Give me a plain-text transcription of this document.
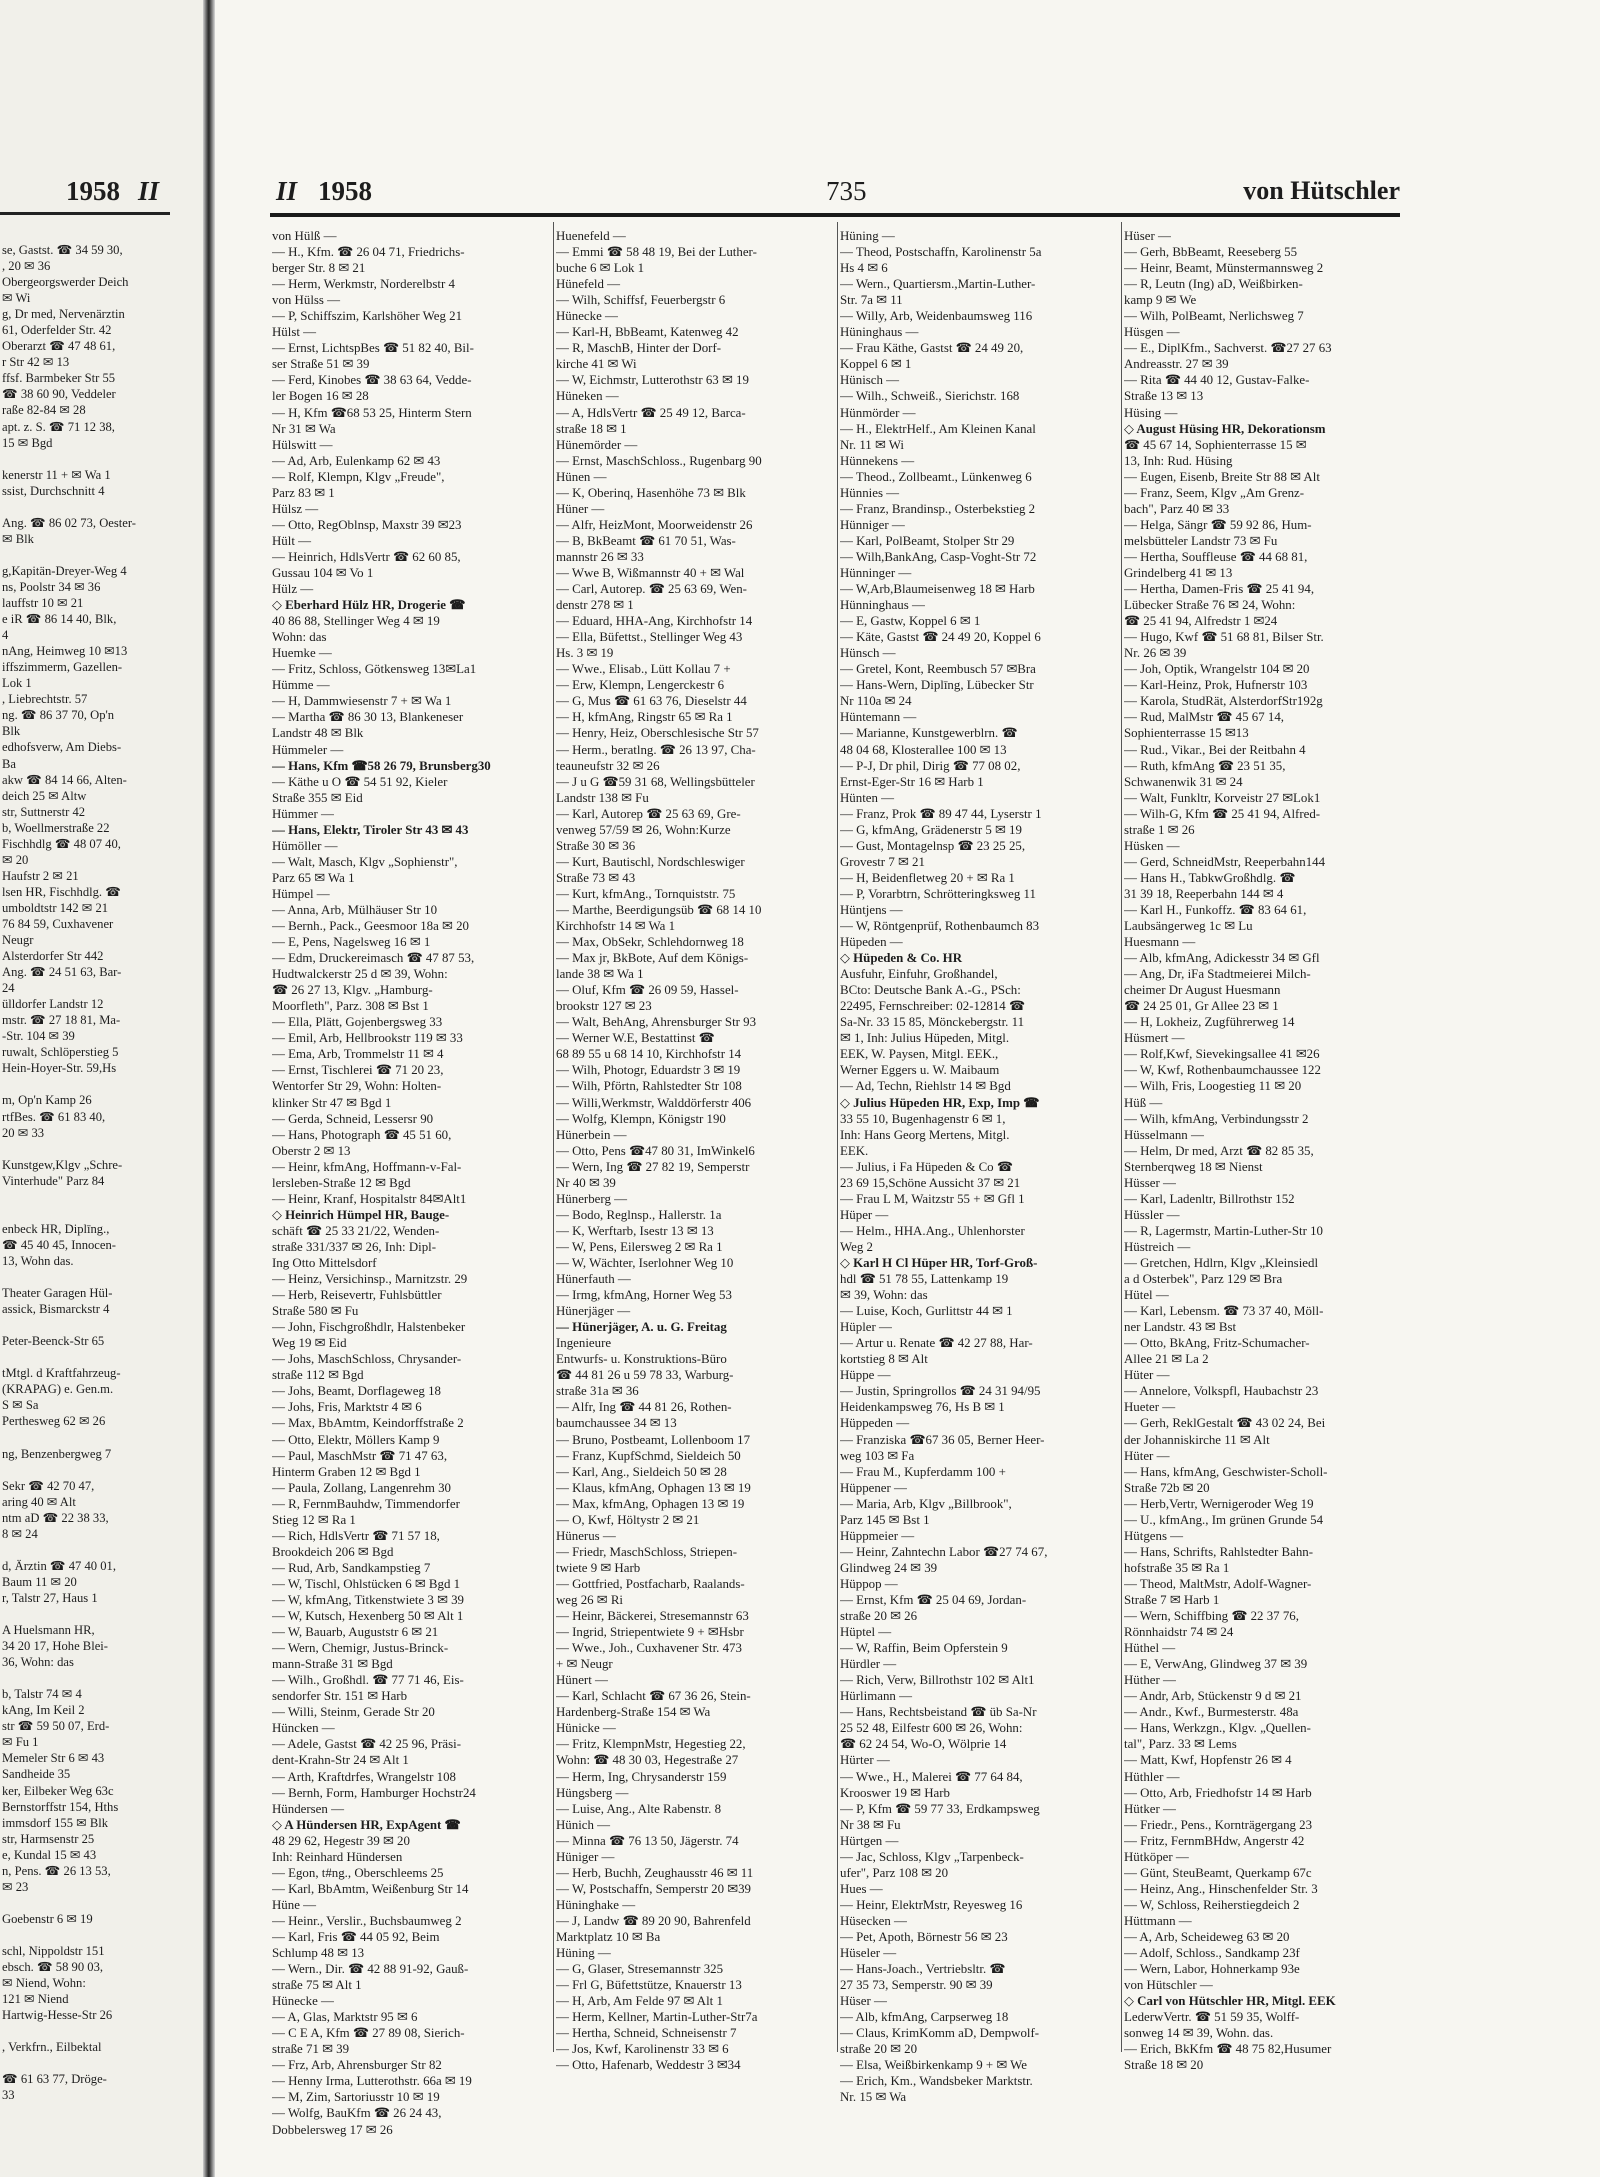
1958 II
se, Gastst. ☎ 34 59 30,
, 20 ✉ 36
Obergeorgswerder Deich
✉ Wi
g, Dr med, Nervenärztin
61, Oderfelder Str. 42
Oberarzt ☎ 47 48 61,
r Str 42 ✉ 13
ffsf. Barmbeker Str 55
☎ 38 60 90, Veddeler
raße 82-84 ✉ 28
apt. z. S. ☎ 71 12 38,
15 ✉ Bgd
kenerstr 11 + ✉ Wa 1
ssist, Durchschnitt 4
Ang. ☎ 86 02 73, Oester-
✉ Blk
g,Kapitän-Dreyer-Weg 4
ns, Poolstr 34 ✉ 36
lauffstr 10 ✉ 21
e iR ☎ 86 14 40, Blk,
4
nAng, Heimweg 10 ✉13
iffszimmerm, Gazellen-
Lok 1
, Liebrechtstr. 57
ng. ☎ 86 37 70, Op'n
Blk
edhofsverw, Am Diebs-
Ba
akw ☎ 84 14 66, Alten-
deich 25 ✉ Altw
str, Suttnerstr 42
b, Woellmerstraße 22
Fischhdlg ☎ 48 07 40,
✉ 20
Haufstr 2 ✉ 21
lsen HR, Fischhdlg. ☎
umboldtstr 142 ✉ 21
76 84 59, Cuxhavener
Neugr
Alsterdorfer Str 442
Ang. ☎ 24 51 63, Bar-
24
ülldorfer Landstr 12
mstr. ☎ 27 18 81, Ma-
-Str. 104 ✉ 39
ruwalt, Schlöperstieg 5
Hein-Hoyer-Str. 59,Hs
m, Op'n Kamp 26
rtfBes. ☎ 61 83 40,
20 ✉ 33
Kunstgew,Klgv „Schre-
Vinterhude" Parz 84
enbeck HR, Diplīng.,
☎ 45 40 45, Innocen-
13, Wohn das.
Theater Garagen Hül-
assick, Bismarckstr 4
Peter-Beenck-Str 65
tMtgl. d Kraftfahrzeug-
(KRAPAG) e. Gen.m.
S ✉ Sa
Perthesweg 62 ✉ 26
ng, Benzenbergweg 7
Sekr ☎ 42 70 47,
aring 40 ✉ Alt
ntm aD ☎ 22 38 33,
8 ✉ 24
d, Ärztin ☎ 47 40 01,
Baum 11 ✉ 20
r, Talstr 27, Haus 1
A Huelsmann HR,
34 20 17, Hohe Blei-
36, Wohn: das
b, Talstr 74 ✉ 4
kAng, Im Keil 2
str ☎ 59 50 07, Erd-
✉ Fu 1
Memeler Str 6 ✉ 43
Sandheide 35
ker, Eilbeker Weg 63c
Bernstorffstr 154, Hths
immsdorf 155 ✉ Blk
str, Harmsenstr 25
e, Kundal 15 ✉ 43
n, Pens. ☎ 26 13 53,
✉ 23
Goebenstr 6 ✉ 19
schl, Nippoldstr 151
ebsch. ☎ 58 90 03,
✉ Niend, Wohn:
121 ✉ Niend
Hartwig-Hesse-Str 26
, Verkfrn., Eilbektal
☎ 61 63 77, Dröge-
33
II 1958	735	von Hütschler
von Hülß —
— H., Kfm. ☎ 26 04 71, Friedrichs-
berger Str. 8 ✉ 21
— Herm, Werkmstr, Norderelbstr 4
von Hülss —
— P, Schiffszim, Karlshöher Weg 21
Hülst —
— Ernst, LichtspBes ☎ 51 82 40, Bil-
ser Straße 51 ✉ 39
— Ferd, Kinobes ☎ 38 63 64, Vedde-
ler Bogen 16 ✉ 28
— H, Kfm ☎68 53 25, Hinterm Stern
Nr 31 ✉ Wa
Hülswitt —
— Ad, Arb, Eulenkamp 62 ✉ 43
— Rolf, Klempn, Klgv „Freude",
Parz 83 ✉ 1
Hülsz —
— Otto, RegOblnsp, Maxstr 39 ✉23
Hült —
— Heinrich, HdlsVertr ☎ 62 60 85,
Gussau 104 ✉ Vo 1
Hülz —
◇ Eberhard Hülz HR, Drogerie ☎
40 86 88, Stellinger Weg 4 ✉ 19
Wohn: das
Huemke —
— Fritz, Schloss, Götkensweg 13✉La1
Hümme —
— H, Dammwiesenstr 7 + ✉ Wa 1
— Martha ☎ 86 30 13, Blankeneser
Landstr 48 ✉ Blk
Hümmeler —
— Hans, Kfm ☎58 26 79, Brunsberg30
— Käthe u O ☎ 54 51 92, Kieler
Straße 355 ✉ Eid
Hümmer —
— Hans, Elektr, Tiroler Str 43 ✉ 43
Hümöller —
— Walt, Masch, Klgv „Sophienstr",
Parz 65 ✉ Wa 1
Hümpel —
— Anna, Arb, Mülhäuser Str 10
— Bernh., Pack., Geesmoor 18a ✉ 20
— E, Pens, Nagelsweg 16 ✉ 1
— Edm, Druckereimasch ☎ 47 87 53,
Hudtwalckerstr 25 d ✉ 39, Wohn:
☎ 26 27 13, Klgv. „Hamburg-
Moorfleth", Parz. 308 ✉ Bst 1
— Ella, Plätt, Gojenbergsweg 33
— Emil, Arb, Hellbrookstr 119 ✉ 33
— Ema, Arb, Trommelstr 11 ✉ 4
— Ernst, Tischlerei ☎ 71 20 23,
Wentorfer Str 29, Wohn: Holten-
klinker Str 47 ✉ Bgd 1
— Gerda, Schneid, Lessersr 90
— Hans, Photograph ☎ 45 51 60,
Oberstr 2 ✉ 13
— Heinr, kfmAng, Hoffmann-v-Fal-
lersleben-Straße 12 ✉ Bgd
— Heinr, Kranf, Hospitalstr 84✉Alt1
◇ Heinrich Hümpel HR, Bauge-
schäft ☎ 25 33 21/22, Wenden-
straße 331/337 ✉ 26, Inh: Dipl-
Ing Otto Mittelsdorf
— Heinz, Versichinsp., Marnitzstr. 29
— Herb, Reisevertr, Fuhlsbüttler
Straße 580 ✉ Fu
— John, Fischgroßhdlr, Halstenbeker
Weg 19 ✉ Eid
— Johs, MaschSchloss, Chrysander-
straße 112 ✉ Bgd
— Johs, Beamt, Dorflageweg 18
— Johs, Fris, Marktstr 4 ✉ 6
— Max, BbAmtm, Keindorffstraße 2
— Otto, Elektr, Möllers Kamp 9
— Paul, MaschMstr ☎ 71 47 63,
Hinterm Graben 12 ✉ Bgd 1
— Paula, Zollang, Langenrehm 30
— R, FernmBauhdw, Timmendorfer
Stieg 12 ✉ Ra 1
— Rich, HdlsVertr ☎ 71 57 18,
Brookdeich 206 ✉ Bgd
— Rud, Arb, Sandkampstieg 7
— W, Tischl, Ohlstücken 6 ✉ Bgd 1
— W, kfmAng, Titkenstwiete 3 ✉ 39
— W, Kutsch, Hexenberg 50 ✉ Alt 1
— W, Bauarb, Auguststr 6 ✉ 21
— Wern, Chemigr, Justus-Brinck-
mann-Straße 31 ✉ Bgd
— Wilh., Großhdl. ☎ 77 71 46, Eis-
sendorfer Str. 151 ✉ Harb
— Willi, Steinm, Gerade Str 20
Hüncken —
— Adele, Gastst ☎ 42 25 96, Präsi-
dent-Krahn-Str 24 ✉ Alt 1
— Arth, Kraftdrfes, Wrangelstr 108
— Bernh, Form, Hamburger Hochstr24
Hündersen —
◇ A Hündersen HR, ExpAgent ☎
48 29 62, Hegestr 39 ✉ 20
Inh: Reinhard Hündersen
— Egon, t#ng., Oberschleems 25
— Karl, BbAmtm, Weißenburg Str 14
Hüne —
— Heinr., Verslir., Buchsbaumweg 2
— Karl, Fris ☎ 44 05 92, Beim
Schlump 48 ✉ 13
— Wern., Dir. ☎ 42 88 91-92, Gauß-
straße 75 ✉ Alt 1
Hünecke —
— A, Glas, Marktstr 95 ✉ 6
— C E A, Kfm ☎ 27 89 08, Sierich-
straße 71 ✉ 39
— Frz, Arb, Ahrensburger Str 82
— Henny Irma, Lutterothstr. 66a ✉ 19
— M, Zim, Sartoriusstr 10 ✉ 19
— Wolfg, BauKfm ☎ 26 24 43,
Dobbelersweg 17 ✉ 26
Huenefeld —
— Emmi ☎ 58 48 19, Bei der Luther-
buche 6 ✉ Lok 1
Hünefeld —
— Wilh, Schiffsf, Feuerbergstr 6
Hünecke —
— Karl-H, BbBeamt, Katenweg 42
— R, MaschB, Hinter der Dorf-
kirche 41 ✉ Wi
— W, Eichmstr, Lutterothstr 63 ✉ 19
Hüneken —
— A, HdlsVertr ☎ 25 49 12, Barca-
straße 18 ✉ 1
Hünemörder —
— Ernst, MaschSchloss., Rugenbarg 90
Hünen —
— K, Oberinq, Hasenhöhe 73 ✉ Blk
Hüner —
— Alfr, HeizMont, Moorweidenstr 26
— B, BkBeamt ☎ 61 70 51, Was-
mannstr 26 ✉ 33
— Wwe B, Wißmannstr 40 + ✉ Wal
— Carl, Autorep. ☎ 25 63 69, Wen-
denstr 278 ✉ 1
— Eduard, HHA-Ang, Kirchhofstr 14
— Ella, Büfettst., Stellinger Weg 43
Hs. 3 ✉ 19
— Wwe., Elisab., Lütt Kollau 7 +
— Erw, Klempn, Lengerckestr 6
— G, Mus ☎ 61 63 76, Dieselstr 44
— H, kfmAng, Ringstr 65 ✉ Ra 1
— Henry, Heiz, Oberschlesische Str 57
— Herm., beratlng. ☎ 26 13 97, Cha-
teauneufstr 32 ✉ 26
— J u G ☎59 31 68, Wellingsbütteler
Landstr 138 ✉ Fu
— Karl, Autorep ☎ 25 63 69, Gre-
venweg 57/59 ✉ 26, Wohn:Kurze
Straße 30 ✉ 36
— Kurt, Bautischl, Nordschleswiger
Straße 73 ✉ 43
— Kurt, kfmAng., Tornquiststr. 75
— Marthe, Beerdigungsüb ☎ 68 14 10
Kirchhofstr 14 ✉ Wa 1
— Max, ObSekr, Schlehdornweg 18
— Max jr, BkBote, Auf dem Königs-
lande 38 ✉ Wa 1
— Oluf, Kfm ☎ 26 09 59, Hassel-
brookstr 127 ✉ 23
— Walt, BehAng, Ahrensburger Str 93
— Werner W.E, Bestattinst ☎
68 89 55 u 68 14 10, Kirchhofstr 14
— Wilh, Photogr, Eduardstr 3 ✉ 19
— Wilh, Pförtn, Rahlstedter Str 108
— Willi,Werkmstr, Walddörferstr 406
— Wolfg, Klempn, Königstr 190
Hünerbein —
— Otto, Pens ☎47 80 31, ImWinkel6
— Wern, Ing ☎ 27 82 19, Semperstr
Nr 40 ✉ 39
Hünerberg —
— Bodo, Reglnsp., Hallerstr. 1a
— K, Werftarb, Isestr 13 ✉ 13
— W, Pens, Eilersweg 2 ✉ Ra 1
— W, Wächter, Iserlohner Weg 10
Hünerfauth —
— Irmg, kfmAng, Horner Weg 53
Hünerjäger —
— Hünerjäger, A. u. G. Freitag
Ingenieure
Entwurfs- u. Konstruktions-Büro
☎ 44 81 26 u 59 78 33, Warburg-
straße 31a ✉ 36
— Alfr, Ing ☎ 44 81 26, Rothen-
baumchaussee 34 ✉ 13
— Bruno, Postbeamt, Lollenboom 17
— Franz, KupfSchmd, Sieldeich 50
— Karl, Ang., Sieldeich 50 ✉ 28
— Klaus, kfmAng, Ophagen 13 ✉ 19
— Max, kfmAng, Ophagen 13 ✉ 19
— O, Kwf, Höltystr 2 ✉ 21
Hünerus —
— Friedr, MaschSchloss, Striepen-
twiete 9 ✉ Harb
— Gottfried, Postfacharb, Raalands-
weg 26 ✉ Ri
— Heinr, Bäckerei, Stresemannstr 63
— Ingrid, Striepentwiete 9 + ✉Hsbr
— Wwe., Joh., Cuxhavener Str. 473
+ ✉ Neugr
Hünert —
— Karl, Schlacht ☎ 67 36 26, Stein-
Hardenberg-Straße 154 ✉ Wa
Hünicke —
— Fritz, KlempnMstr, Hegestieg 22,
Wohn: ☎ 48 30 03, Hegestraße 27
— Herm, Ing, Chrysanderstr 159
Hüngsberg —
— Luise, Ang., Alte Rabenstr. 8
Hünich —
— Minna ☎ 76 13 50, Jägerstr. 74
Hüniger —
— Herb, Buchh, Zeughausstr 46 ✉ 11
— W, Postschaffn, Semperstr 20 ✉39
Hüninghake —
— J, Landw ☎ 89 20 90, Bahrenfeld
Marktplatz 10 ✉ Ba
Hüning —
— G, Glaser, Stresemannstr 325
— Frl G, Büfettstütze, Knauerstr 13
— H, Arb, Am Felde 97 ✉ Alt 1
— Herm, Kellner, Martin-Luther-Str7a
— Hertha, Schneid, Schneisenstr 7
— Jos, Kwf, Karolinenstr 33 ✉ 6
— Otto, Hafenarb, Weddestr 3 ✉34
Hüning —
— Theod, Postschaffn, Karolinenstr 5a
Hs 4 ✉ 6
— Wern., Quartiersm.,Martin-Luther-
Str. 7a ✉ 11
— Willy, Arb, Weidenbaumsweg 116
Hüninghaus —
— Frau Käthe, Gastst ☎ 24 49 20,
Koppel 6 ✉ 1
Hünisch —
— Wilh., Schweiß., Sierichstr. 168
Hünmörder —
— H., ElektrHelf., Am Kleinen Kanal
Nr. 11 ✉ Wi
Hünnekens —
— Theod., Zollbeamt., Lünkenweg 6
Hünnies —
— Franz, Brandinsp., Osterbekstieg 2
Hünniger —
— Karl, PolBeamt, Stolper Str 29
— Wilh,BankAng, Casp-Voght-Str 72
Hünninger —
— W,Arb,Blaumeisenweg 18 ✉ Harb
Hünninghaus —
— E, Gastw, Koppel 6 ✉ 1
— Käte, Gastst ☎ 24 49 20, Koppel 6
Hünsch —
— Gretel, Kont, Reembusch 57 ✉Bra
— Hans-Wern, Diplīng, Lübecker Str
Nr 110a ✉ 24
Hüntemann —
— Marianne, Kunstgewerblrn. ☎
48 04 68, Klosterallee 100 ✉ 13
— P-J, Dr phil, Dirig ☎ 77 08 02,
Ernst-Eger-Str 16 ✉ Harb 1
Hünten —
— Franz, Prok ☎ 89 47 44, Lyserstr 1
— G, kfmAng, Grädenerstr 5 ✉ 19
— Gust, Montagelnsp ☎ 23 25 25,
Grovestr 7 ✉ 21
— H, Beidenfletweg 20 + ✉ Ra 1
— P, Vorarbtrn, Schrötteringksweg 11
Hüntjens —
— W, Röntgenprüf, Rothenbaumch 83
Hüpeden —
◇ Hüpeden & Co. HR
Ausfuhr, Einfuhr, Großhandel,
BCto: Deutsche Bank A.-G., PSch:
22495, Fernschreiber: 02-12814 ☎
Sa-Nr. 33 15 85, Mönckebergstr. 11
✉ 1, Inh: Julius Hüpeden, Mitgl.
EEK, W. Paysen, Mitgl. EEK.,
Werner Eggers u. W. Maibaum
— Ad, Techn, Riehlstr 14 ✉ Bgd
◇ Julius Hüpeden HR, Exp, Imp ☎
33 55 10, Bugenhagenstr 6 ✉ 1,
Inh: Hans Georg Mertens, Mitgl.
EEK.
— Julius, i Fa Hüpeden & Co ☎
23 69 15,Schöne Aussicht 37 ✉ 21
— Frau L M, Waitzstr 55 + ✉ Gfl 1
Hüper —
— Helm., HHA.Ang., Uhlenhorster
Weg 2
◇ Karl H Cl Hüper HR, Torf-Groß-
hdl ☎ 51 78 55, Lattenkamp 19
✉ 39, Wohn: das
— Luise, Koch, Gurlittstr 44 ✉ 1
Hüpler —
— Artur u. Renate ☎ 42 27 88, Har-
kortstieg 8 ✉ Alt
Hüppe —
— Justin, Springrollos ☎ 24 31 94/95
Heidenkampsweg 76, Hs B ✉ 1
Hüppeden —
— Franziska ☎67 36 05, Berner Heer-
weg 103 ✉ Fa
— Frau M., Kupferdamm 100 +
Hüppener —
— Maria, Arb, Klgv „Billbrook",
Parz 145 ✉ Bst 1
Hüppmeier —
— Heinr, Zahntechn Labor ☎27 74 67,
Glindweg 24 ✉ 39
Hüppop —
— Ernst, Kfm ☎ 25 04 69, Jordan-
straße 20 ✉ 26
Hüptel —
— W, Raffin, Beim Opferstein 9
Hürdler —
— Rich, Verw, Billrothstr 102 ✉ Alt1
Hürlimann —
— Hans, Rechtsbeistand ☎ üb Sa-Nr
25 52 48, Eilfestr 600 ✉ 26, Wohn:
☎ 62 24 54, Wo-O, Wölprie 14
Hürter —
— Wwe., H., Malerei ☎ 77 64 84,
Krooswer 19 ✉ Harb
— P, Kfm ☎ 59 77 33, Erdkampsweg
Nr 38 ✉ Fu
Hürtgen —
— Jac, Schloss, Klgv „Tarpenbeck-
ufer", Parz 108 ✉ 20
Hues —
— Heinr, ElektrMstr, Reyesweg 16
Hüsecken —
— Pet, Apoth, Börnestr 56 ✉ 23
Hüseler —
— Hans-Joach., Vertriebsltr. ☎
27 35 73, Semperstr. 90 ✉ 39
Hüser —
— Alb, kfmAng, Carpserweg 18
— Claus, KrimKomm aD, Dempwolf-
straße 20 ✉ 20
— Elsa, Weißbirkenkamp 9 + ✉ We
— Erich, Km., Wandsbeker Marktstr.
Nr. 15 ✉ Wa
Hüser —
— Gerh, BbBeamt, Reeseberg 55
— Heinr, Beamt, Münstermannsweg 2
— R, Leutn (Ing) aD, Weißbirken-
kamp 9 ✉ We
— Wilh, PolBeamt, Nerlichsweg 7
Hüsgen —
— E., DiplKfm., Sachverst. ☎27 27 63
Andreasstr. 27 ✉ 39
— Rita ☎ 44 40 12, Gustav-Falke-
Straße 13 ✉ 13
Hüsing —
◇ August Hüsing HR, Dekorationsm
☎ 45 67 14, Sophienterrasse 15 ✉
13, Inh: Rud. Hüsing
— Eugen, Eisenb, Breite Str 88 ✉ Alt
— Franz, Seem, Klgv „Am Grenz-
bach", Parz 40 ✉ 33
— Helga, Sängr ☎ 59 92 86, Hum-
melsbütteler Landstr 73 ✉ Fu
— Hertha, Souffleuse ☎ 44 68 81,
Grindelberg 41 ✉ 13
— Hertha, Damen-Fris ☎ 25 41 94,
Lübecker Straße 76 ✉ 24, Wohn:
☎ 25 41 94, Alfredstr 1 ✉24
— Hugo, Kwf ☎ 51 68 81, Bilser Str.
Nr. 26 ✉ 39
— Joh, Optik, Wrangelstr 104 ✉ 20
— Karl-Heinz, Prok, Hufnerstr 103
— Karola, StudRät, AlsterdorfStr192g
— Rud, MalMstr ☎ 45 67 14,
Sophienterrasse 15 ✉13
— Rud., Vikar., Bei der Reitbahn 4
— Ruth, kfmAng ☎ 23 51 35,
Schwanenwik 31 ✉ 24
— Walt, Funkltr, Korveistr 27 ✉Lok1
— Wilh-G, Kfm ☎ 25 41 94, Alfred-
straße 1 ✉ 26
Hüsken —
— Gerd, SchneidMstr, Reeperbahn144
— Hans H., TabkwGroßhdlg. ☎
31 39 18, Reeperbahn 144 ✉ 4
— Karl H., Funkoffz. ☎ 83 64 61,
Laubsängerweg 1c ✉ Lu
Huesmann —
— Alb, kfmAng, Adickesstr 34 ✉ Gfl
— Ang, Dr, iFa Stadtmeierei Milch-
cheimer Dr August Huesmann
☎ 24 25 01, Gr Allee 23 ✉ 1
— H, Lokheiz, Zugführerweg 14
Hüsmert —
— Rolf,Kwf, Sievekingsallee 41 ✉26
— W, Kwf, Rothenbaumchaussee 122
— Wilh, Fris, Loogestieg 11 ✉ 20
Hüß —
— Wilh, kfmAng, Verbindungsstr 2
Hüsselmann —
— Helm, Dr med, Arzt ☎ 82 85 35,
Sternberqweg 18 ✉ Nienst
Hüsser —
— Karl, Ladenltr, Billrothstr 152
Hüssler —
— R, Lagermstr, Martin-Luther-Str 10
Hüstreich —
— Gretchen, Hdlrn, Klgv „Kleinsiedl
a d Osterbek", Parz 129 ✉ Bra
Hütel —
— Karl, Lebensm. ☎ 73 37 40, Möll-
ner Landstr. 43 ✉ Bst
— Otto, BkAng, Fritz-Schumacher-
Allee 21 ✉ La 2
Hüter —
— Annelore, Volkspfl, Haubachstr 23
Hueter —
— Gerh, ReklGestalt ☎ 43 02 24, Bei
der Johanniskirche 11 ✉ Alt
Hüter —
— Hans, kfmAng, Geschwister-Scholl-
Straße 72b ✉ 20
— Herb,Vertr, Wernigeroder Weg 19
— U., kfmAng., Im grünen Grunde 54
Hütgens —
— Hans, Schrifts, Rahlstedter Bahn-
hofstraße 35 ✉ Ra 1
— Theod, MaltMstr, Adolf-Wagner-
Straße 7 ✉ Harb 1
— Wern, Schiffbing ☎ 22 37 76,
Rönnhaidstr 74 ✉ 24
Hüthel —
— E, VerwAng, Glindweg 37 ✉ 39
Hüther —
— Andr, Arb, Stückenstr 9 d ✉ 21
— Andr., Kwf., Burmesterstr. 48a
— Hans, Werkzgn., Klgv. „Quellen-
tal", Parz. 33 ✉ Lems
— Matt, Kwf, Hopfenstr 26 ✉ 4
Hüthler —
— Otto, Arb, Friedhofstr 14 ✉ Harb
Hütker —
— Friedr., Pens., Kornträgergang 23
— Fritz, FernmBHdw, Angerstr 42
Hütköper —
— Günt, SteuBeamt, Querkamp 67c
— Heinz, Ang., Hinschenfelder Str. 3
— W, Schloss, Reiherstiegdeich 2
Hüttmann —
— A, Arb, Scheideweg 63 ✉ 20
— Adolf, Schloss., Sandkamp 23f
— Wern, Labor, Hohnerkamp 93e
von Hütschler —
◇ Carl von Hütschler HR, Mitgl. EEK
LederwVertr. ☎ 51 59 35, Wolff-
sonweg 14 ✉ 39, Wohn. das.
— Erich, BkKfm ☎ 48 75 82,Husumer
Straße 18 ✉ 20
